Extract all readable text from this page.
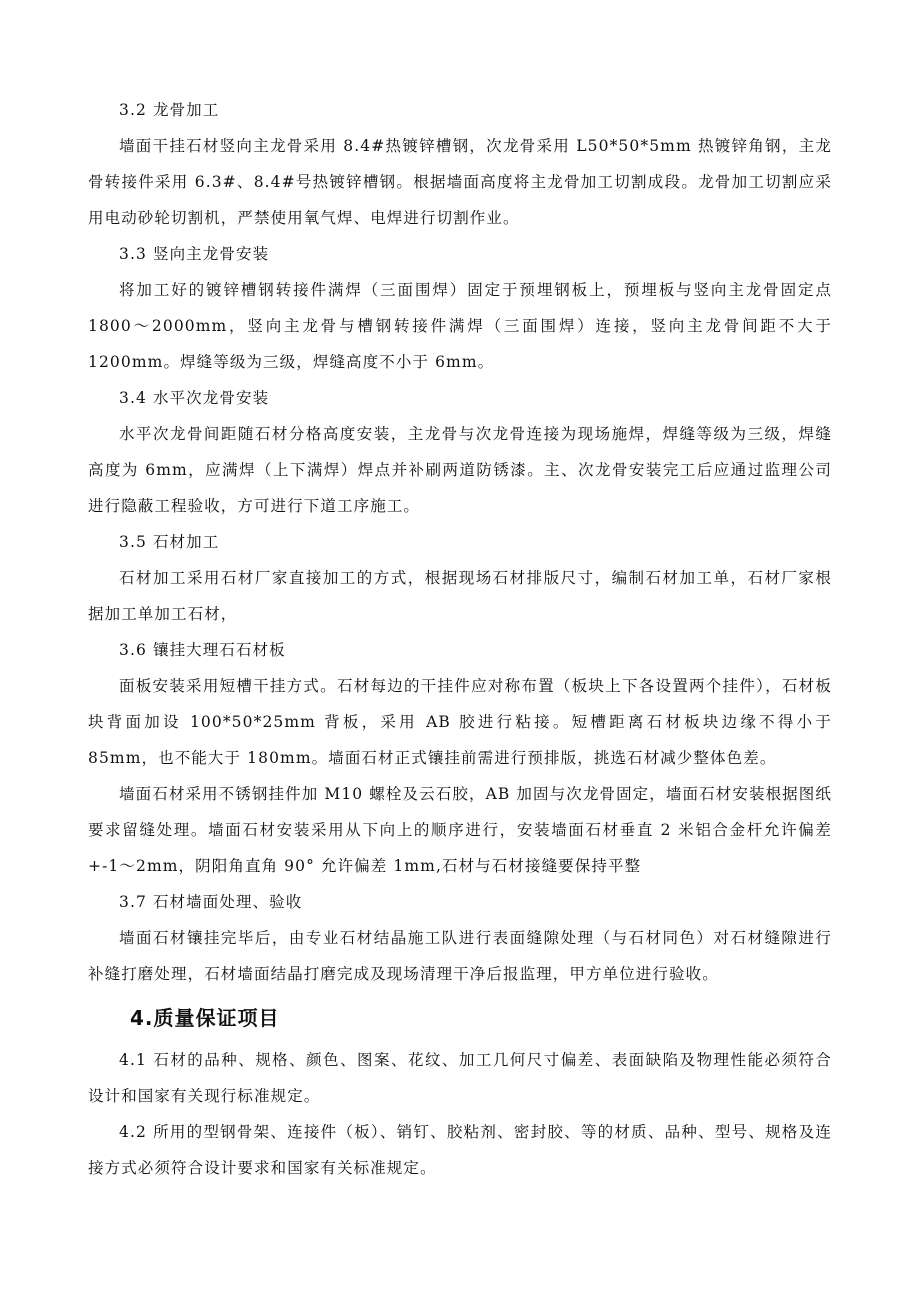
3.2 龙骨加工

墙面干挂石材竖向主龙骨采用 8.4#热镀锌槽钢，次龙骨采用 L50*50*5mm 热镀锌角钢，主龙骨转接件采用 6.3#、8.4#号热镀锌槽钢。根据墙面高度将主龙骨加工切割成段。龙骨加工切割应采用电动砂轮切割机，严禁使用氧气焊、电焊进行切割作业。

3.3 竖向主龙骨安装

将加工好的镀锌槽钢转接件满焊（三面围焊）固定于预埋钢板上，预埋板与竖向主龙骨固定点 1800～2000mm，竖向主龙骨与槽钢转接件满焊（三面围焊）连接，竖向主龙骨间距不大于 1200mm。焊缝等级为三级，焊缝高度不小于 6mm。

3.4 水平次龙骨安装

水平次龙骨间距随石材分格高度安装，主龙骨与次龙骨连接为现场施焊，焊缝等级为三级，焊缝高度为 6mm，应满焊（上下满焊）焊点并补刷两道防锈漆。主、次龙骨安装完工后应通过监理公司进行隐蔽工程验收，方可进行下道工序施工。

3.5 石材加工

石材加工采用石材厂家直接加工的方式，根据现场石材排版尺寸，编制石材加工单，石材厂家根据加工单加工石材，

3.6 镶挂大理石石材板

面板安装采用短槽干挂方式。石材每边的干挂件应对称布置（板块上下各设置两个挂件），石材板块背面加设 100*50*25mm 背板，采用 AB 胶进行粘接。短槽距离石材板块边缘不得小于 85mm，也不能大于 180mm。墙面石材正式镶挂前需进行预排版，挑选石材减少整体色差。

墙面石材采用不锈钢挂件加 M10 螺栓及云石胶，AB 加固与次龙骨固定，墙面石材安装根据图纸要求留缝处理。墙面石材安装采用从下向上的顺序进行，安装墙面石材垂直 2 米铝合金杆允许偏差+-1～2mm，阴阳角直角 90° 允许偏差 1mm,石材与石材接缝要保持平整

3.7 石材墙面处理、验收

墙面石材镶挂完毕后，由专业石材结晶施工队进行表面缝隙处理（与石材同色）对石材缝隙进行补缝打磨处理，石材墙面结晶打磨完成及现场清理干净后报监理，甲方单位进行验收。

4.质量保证项目

4.1 石材的品种、规格、颜色、图案、花纹、加工几何尺寸偏差、表面缺陷及物理性能必须符合设计和国家有关现行标准规定。

4.2 所用的型钢骨架、连接件（板）、销钉、胶粘剂、密封胶、等的材质、品种、型号、规格及连接方式必须符合设计要求和国家有关标准规定。
